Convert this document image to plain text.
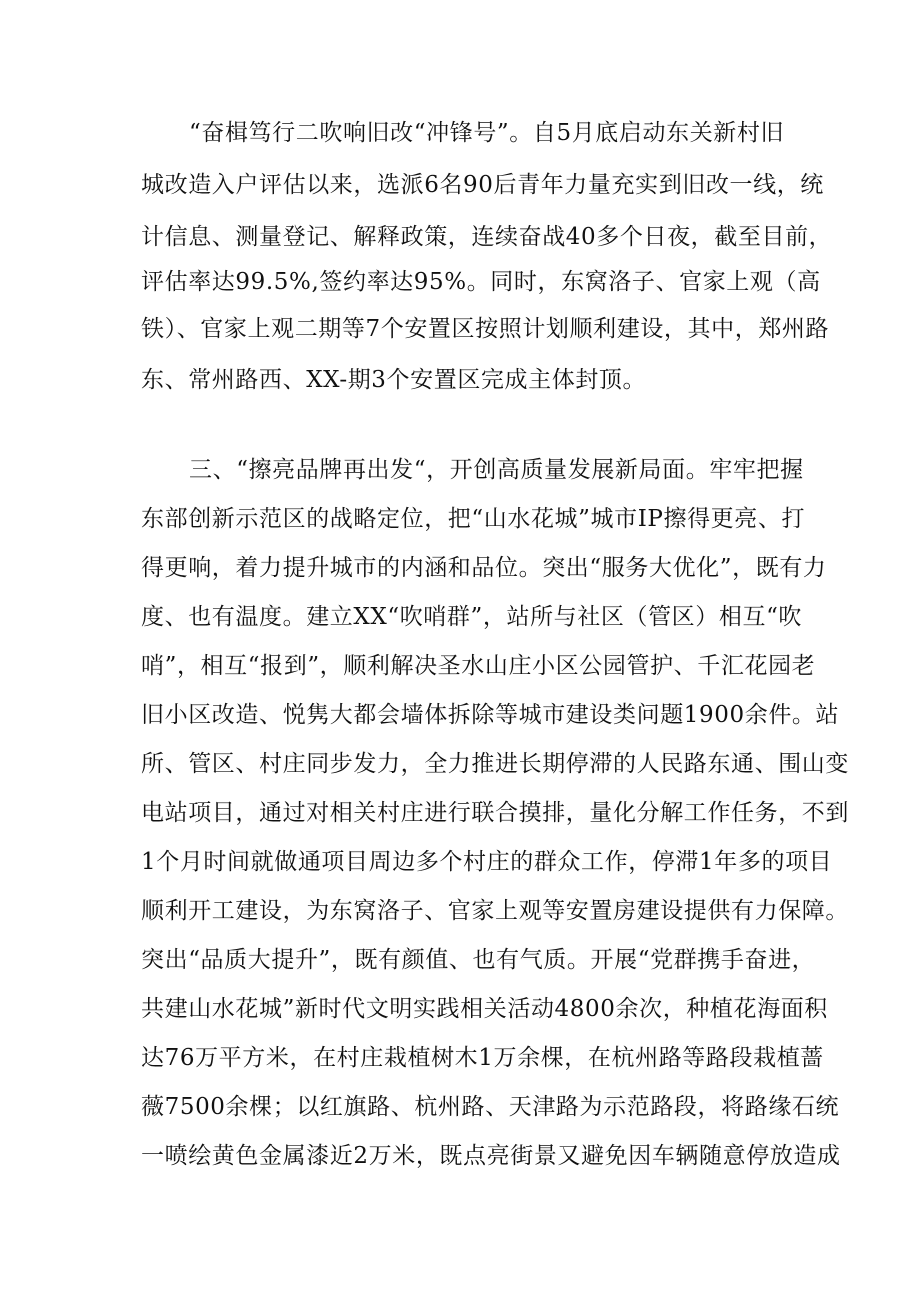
“奋楫笃行二吹响旧改“冲锋号”。自5月底启动东关新村旧
城改造入户评估以来，选派6名90后青年力量充实到旧改一线，统
计信息、测量登记、解释政策，连续奋战40多个日夜，截至目前，
评估率达99.5%,签约率达95%。同时，东窝洛子、官家上观（高
铁）、官家上观二期等7个安置区按照计划顺利建设，其中，郑州路
东、常州路西、XX-期3个安置区完成主体封顶。
三、“擦亮品牌再出发“，开创高质量发展新局面。牢牢把握
东部创新示范区的战略定位，把“山水花城”城市IP擦得更亮、打
得更响，着力提升城市的内涵和品位。突出“服务大优化”，既有力
度、也有温度。建立XX“吹哨群”，站所与社区（管区）相互“吹
哨”，相互“报到”，顺利解决圣水山庄小区公园管护、千汇花园老
旧小区改造、悦隽大都会墙体拆除等城市建设类问题1900余件。站
所、管区、村庄同步发力，全力推进长期停滞的人民路东通、围山变
电站项目，通过对相关村庄进行联合摸排，量化分解工作任务，不到
1个月时间就做通项目周边多个村庄的群众工作，停滞1年多的项目
顺利开工建设，为东窝洛子、官家上观等安置房建设提供有力保障。
突出“品质大提升”，既有颜值、也有气质。开展“党群携手奋进，
共建山水花城”新时代文明实践相关活动4800余次，种植花海面积
达76万平方米，在村庄栽植树木1万余棵，在杭州路等路段栽植蔷
薇7500余棵；以红旗路、杭州路、天津路为示范路段，将路缘石统
一喷绘黄色金属漆近2万米，既点亮街景又避免因车辆随意停放造成
